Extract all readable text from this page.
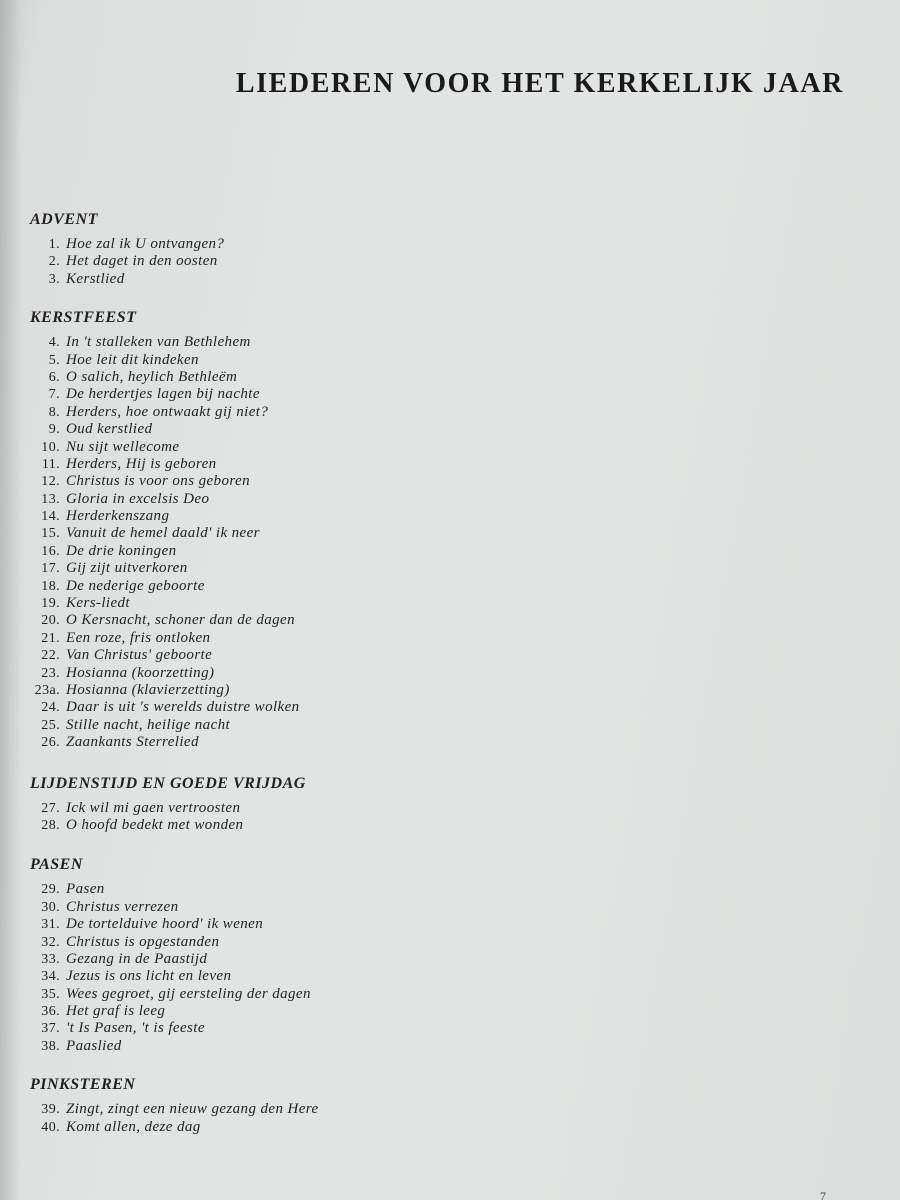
LIEDEREN VOOR HET KERKELIJK JAAR
ADVENT
1. Hoe zal ik U ontvangen?
2. Het daget in den oosten
3. Kerstlied
KERSTFEEST
4. In 't stalleken van Bethlehem
5. Hoe leit dit kindeken
6. O salich, heylich Bethleëm
7. De herdertjes lagen bij nachte
8. Herders, hoe ontwaakt gij niet?
9. Oud kerstlied
10. Nu sijt wellecome
11. Herders, Hij is geboren
12. Christus is voor ons geboren
13. Gloria in excelsis Deo
14. Herderkenszang
15. Vanuit de hemel daald' ik neer
16. De drie koningen
17. Gij zijt uitverkoren
18. De nederige geboorte
19. Kers-liedt
20. O Kersnacht, schoner dan de dagen
21. Een roze, fris ontloken
22. Van Christus' geboorte
23. Hosianna (koorzetting)
23a. Hosianna (klavierzetting)
24. Daar is uit 's werelds duistre wolken
25. Stille nacht, heilige nacht
26. Zaankants Sterrelied
LIJDENSTIJD EN GOEDE VRIJDAG
27. Ick wil mi gaen vertroosten
28. O hoofd bedekt met wonden
PASEN
29. Pasen
30. Christus verrezen
31. De tortelduive hoord' ik wenen
32. Christus is opgestanden
33. Gezang in de Paastijd
34. Jezus is ons licht en leven
35. Wees gegroet, gij eersteling der dagen
36. Het graf is leeg
37. 't Is Pasen, 't is feeste
38. Paaslied
PINKSTEREN
39. Zingt, zingt een nieuw gezang den Here
40. Komt allen, deze dag
7
